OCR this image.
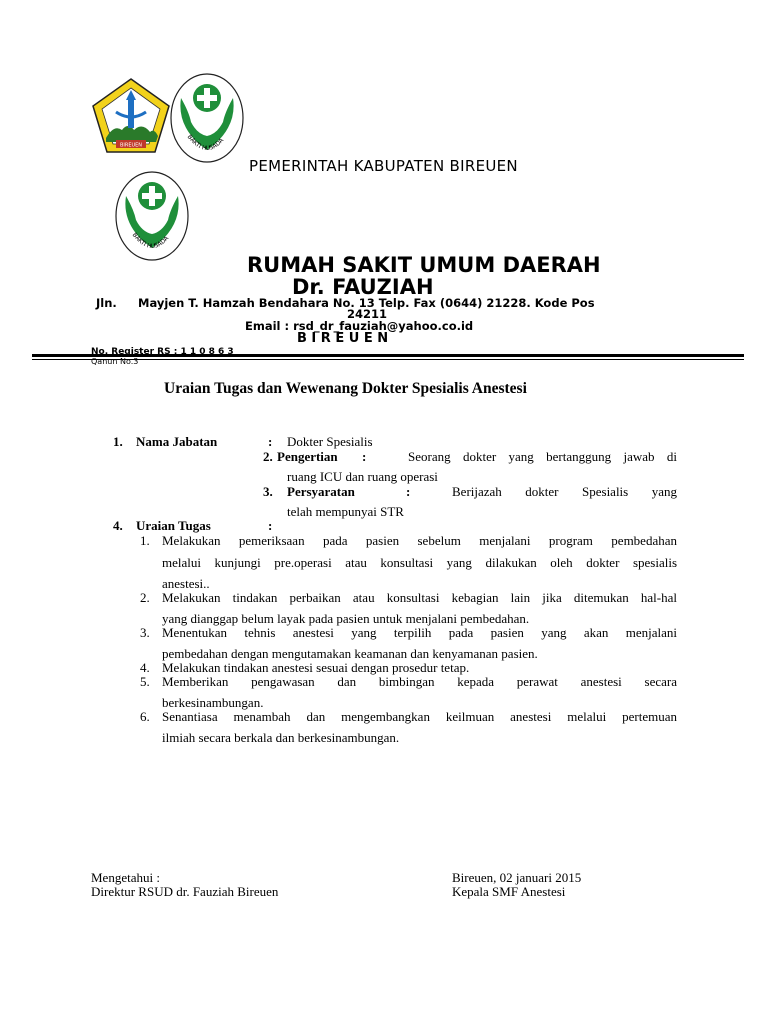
BIREUEN
BAKTI HUSADA
BAKTI HUSADA
PEMERINTAH KABUPATEN BIREUEN
RUMAH SAKIT UMUM DAERAH
Dr. FAUZIAH
Jln. Mayjen T. Hamzah Bendahara No. 13 Telp. Fax (0644) 21228. Kode Pos
24211
Email : rsd_dr_fauziah@yahoo.co.id
B I R E U E N
No. Register RS : 1 1 0 8 6 3
Qanun No.3
Uraian Tugas dan Wewenang Dokter Spesialis Anestesi
1. Nama Jabatan	: Dokter Spesialis
2. Pengertian :	Seorang dokter yang bertanggung jawab di
ruang ICU dan ruang operasi
3. Persyaratan	:	Berijazah dokter Spesialis yang
telah mempunyai STR
4. Uraian Tugas	:
1. Melakukan pemeriksaan pada pasien sebelum menjalani program pembedahan
melalui kunjungi pre.operasi atau konsultasi yang dilakukan oleh dokter spesialis
anestesi..
2. Melakukan tindakan perbaikan atau konsultasi kebagian lain jika ditemukan hal-hal
yang dianggap belum layak pada pasien untuk menjalani pembedahan.
3. Menentukan tehnis anestesi yang terpilih pada pasien yang akan menjalani
pembedahan dengan mengutamakan keamanan dan kenyamanan pasien.
4. Melakukan tindakan anestesi sesuai dengan prosedur tetap.
5. Memberikan pengawasan dan bimbingan kepada perawat anestesi secara
berkesinambungan.
6. Senantiasa menambah dan mengembangkan keilmuan anestesi melalui pertemuan
ilmiah secara berkala dan berkesinambungan.
Mengetahui :
Direktur RSUD dr. Fauziah Bireuen
Bireuen, 02 januari 2015
Kepala SMF Anestesi
